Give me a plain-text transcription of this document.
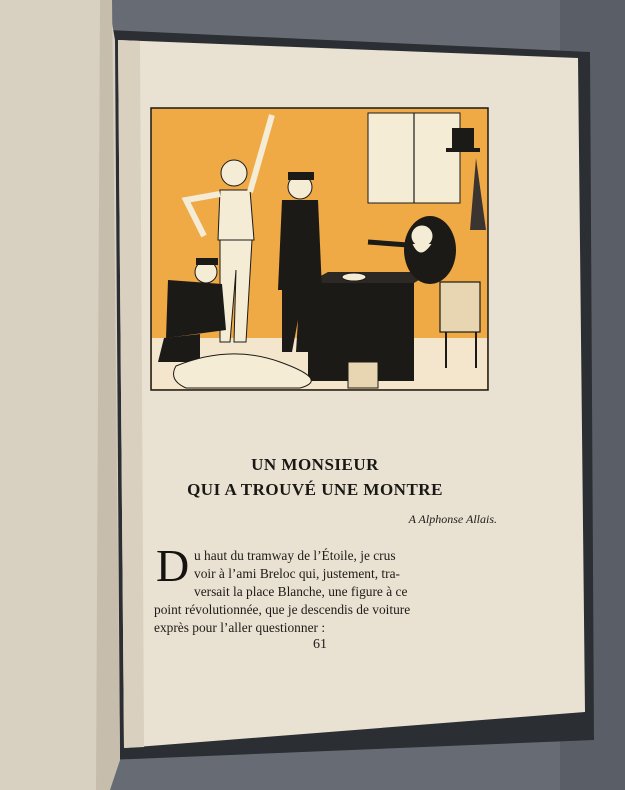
UN MONSIEUR
QUI A TROUVÉ UNE MONTRE
A Alphonse Allais.
D u haut du tramway de l’Étoile, je crus
voir à l’ami Breloc qui, justement, tra-
versait la place Blanche, une figure à ce
point révolutionnée, que je descendis de voiture
exprès pour l’aller questionner :
61
